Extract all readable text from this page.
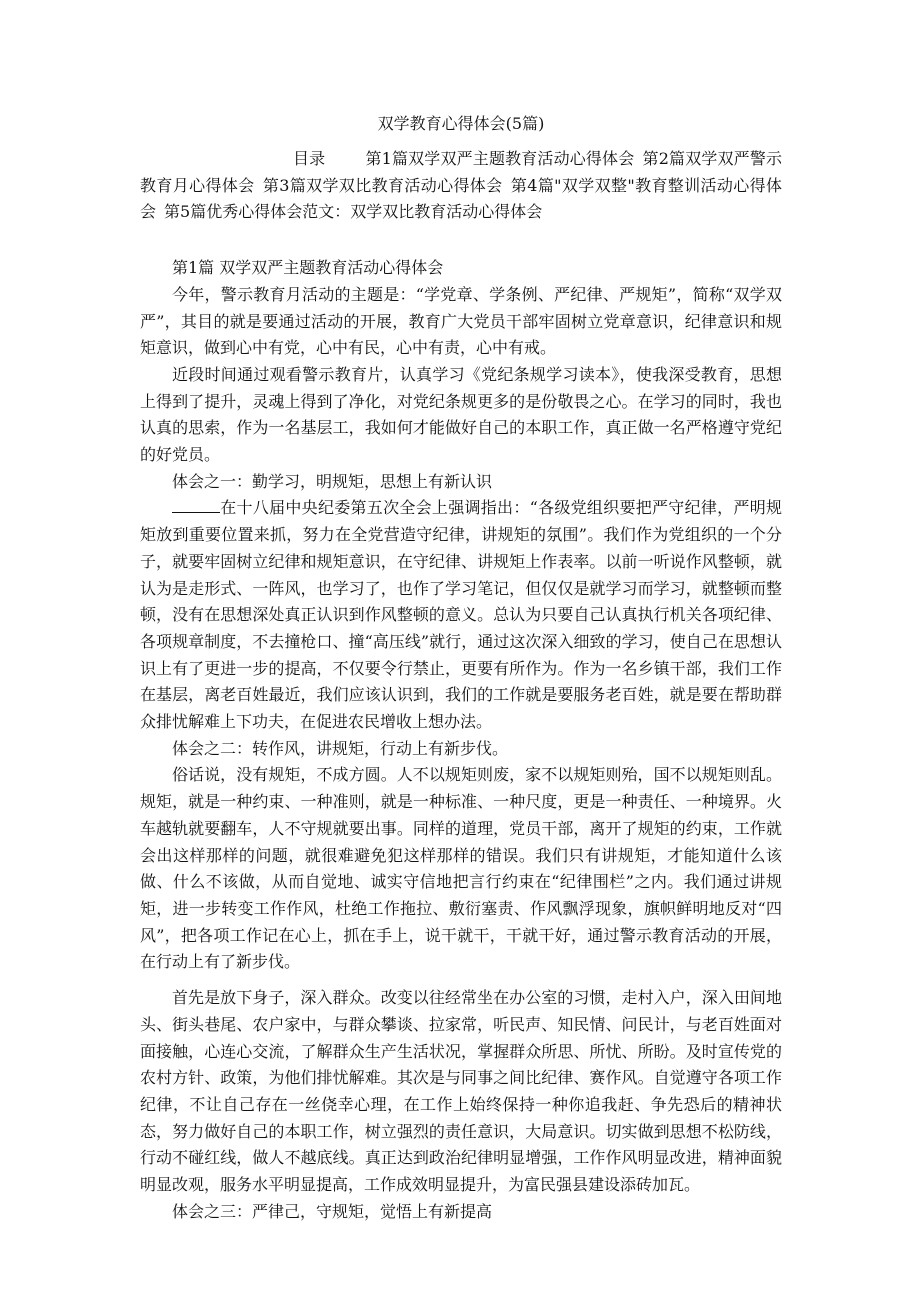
双学教育心得体会(5篇)

目录	第1篇双学双严主题教育活动心得体会 第2篇双学双严警示教育月心得体会 第3篇双学双比教育活动心得体会 第4篇"双学双整"教育整训活动心得体会 第5篇优秀心得体会范文：双学双比教育活动心得体会

第1篇 双学双严主题教育活动心得体会

今年，警示教育月活动的主题是：“学党章、学条例、严纪律、严规矩”，简称“双学双严”，其目的就是要通过活动的开展，教育广大党员干部牢固树立党章意识，纪律意识和规矩意识，做到心中有党，心中有民，心中有责，心中有戒。

近段时间通过观看警示教育片，认真学习《党纪条规学习读本》，使我深受教育，思想上得到了提升，灵魂上得到了净化，对党纪条规更多的是份敬畏之心。在学习的同时，我也认真的思索，作为一名基层工，我如何才能做好自己的本职工作，真正做一名严格遵守党纪的好党员。

体会之一：勤学习，明规矩，思想上有新认识

在十八届中央纪委第五次全会上强调指出：“各级党组织要把严守纪律，严明规矩放到重要位置来抓，努力在全党营造守纪律，讲规矩的氛围”。我们作为党组织的一个分子，就要牢固树立纪律和规矩意识，在守纪律、讲规矩上作表率。以前一听说作风整顿，就认为是走形式、一阵风，也学习了，也作了学习笔记，但仅仅是就学习而学习，就整顿而整顿，没有在思想深处真正认识到作风整顿的意义。总认为只要自己认真执行机关各项纪律、各项规章制度，不去撞枪口、撞“高压线”就行，通过这次深入细致的学习，使自己在思想认识上有了更进一步的提高，不仅要令行禁止，更要有所作为。作为一名乡镇干部，我们工作在基层，离老百姓最近，我们应该认识到，我们的工作就是要服务老百姓，就是要在帮助群众排忧解难上下功夫，在促进农民增收上想办法。

体会之二：转作风，讲规矩，行动上有新步伐。

俗话说，没有规矩，不成方圆。人不以规矩则废，家不以规矩则殆，国不以规矩则乱。规矩，就是一种约束、一种准则，就是一种标准、一种尺度，更是一种责任、一种境界。火车越轨就要翻车，人不守规就要出事。同样的道理，党员干部，离开了规矩的约束，工作就会出这样那样的问题，就很难避免犯这样那样的错误。我们只有讲规矩，才能知道什么该做、什么不该做，从而自觉地、诚实守信地把言行约束在“纪律围栏”之内。我们通过讲规矩，进一步转变工作作风，杜绝工作拖拉、敷衍塞责、作风飘浮现象，旗帜鲜明地反对“四风”，把各项工作记在心上，抓在手上，说干就干，干就干好，通过警示教育活动的开展，在行动上有了新步伐。

首先是放下身子，深入群众。改变以往经常坐在办公室的习惯，走村入户，深入田间地头、街头巷尾、农户家中，与群众攀谈、拉家常，听民声、知民情、问民计，与老百姓面对面接触，心连心交流，了解群众生产生活状况，掌握群众所思、所忧、所盼。及时宣传党的农村方针、政策，为他们排忧解难。其次是与同事之间比纪律、赛作风。自觉遵守各项工作纪律，不让自己存在一丝侥幸心理，在工作上始终保持一种你追我赶、争先恐后的精神状态，努力做好自己的本职工作，树立强烈的责任意识，大局意识。切实做到思想不松防线，行动不碰红线，做人不越底线。真正达到政治纪律明显增强，工作作风明显改进，精神面貌明显改观，服务水平明显提高，工作成效明显提升，为富民强县建设添砖加瓦。

体会之三：严律己，守规矩，觉悟上有新提高
